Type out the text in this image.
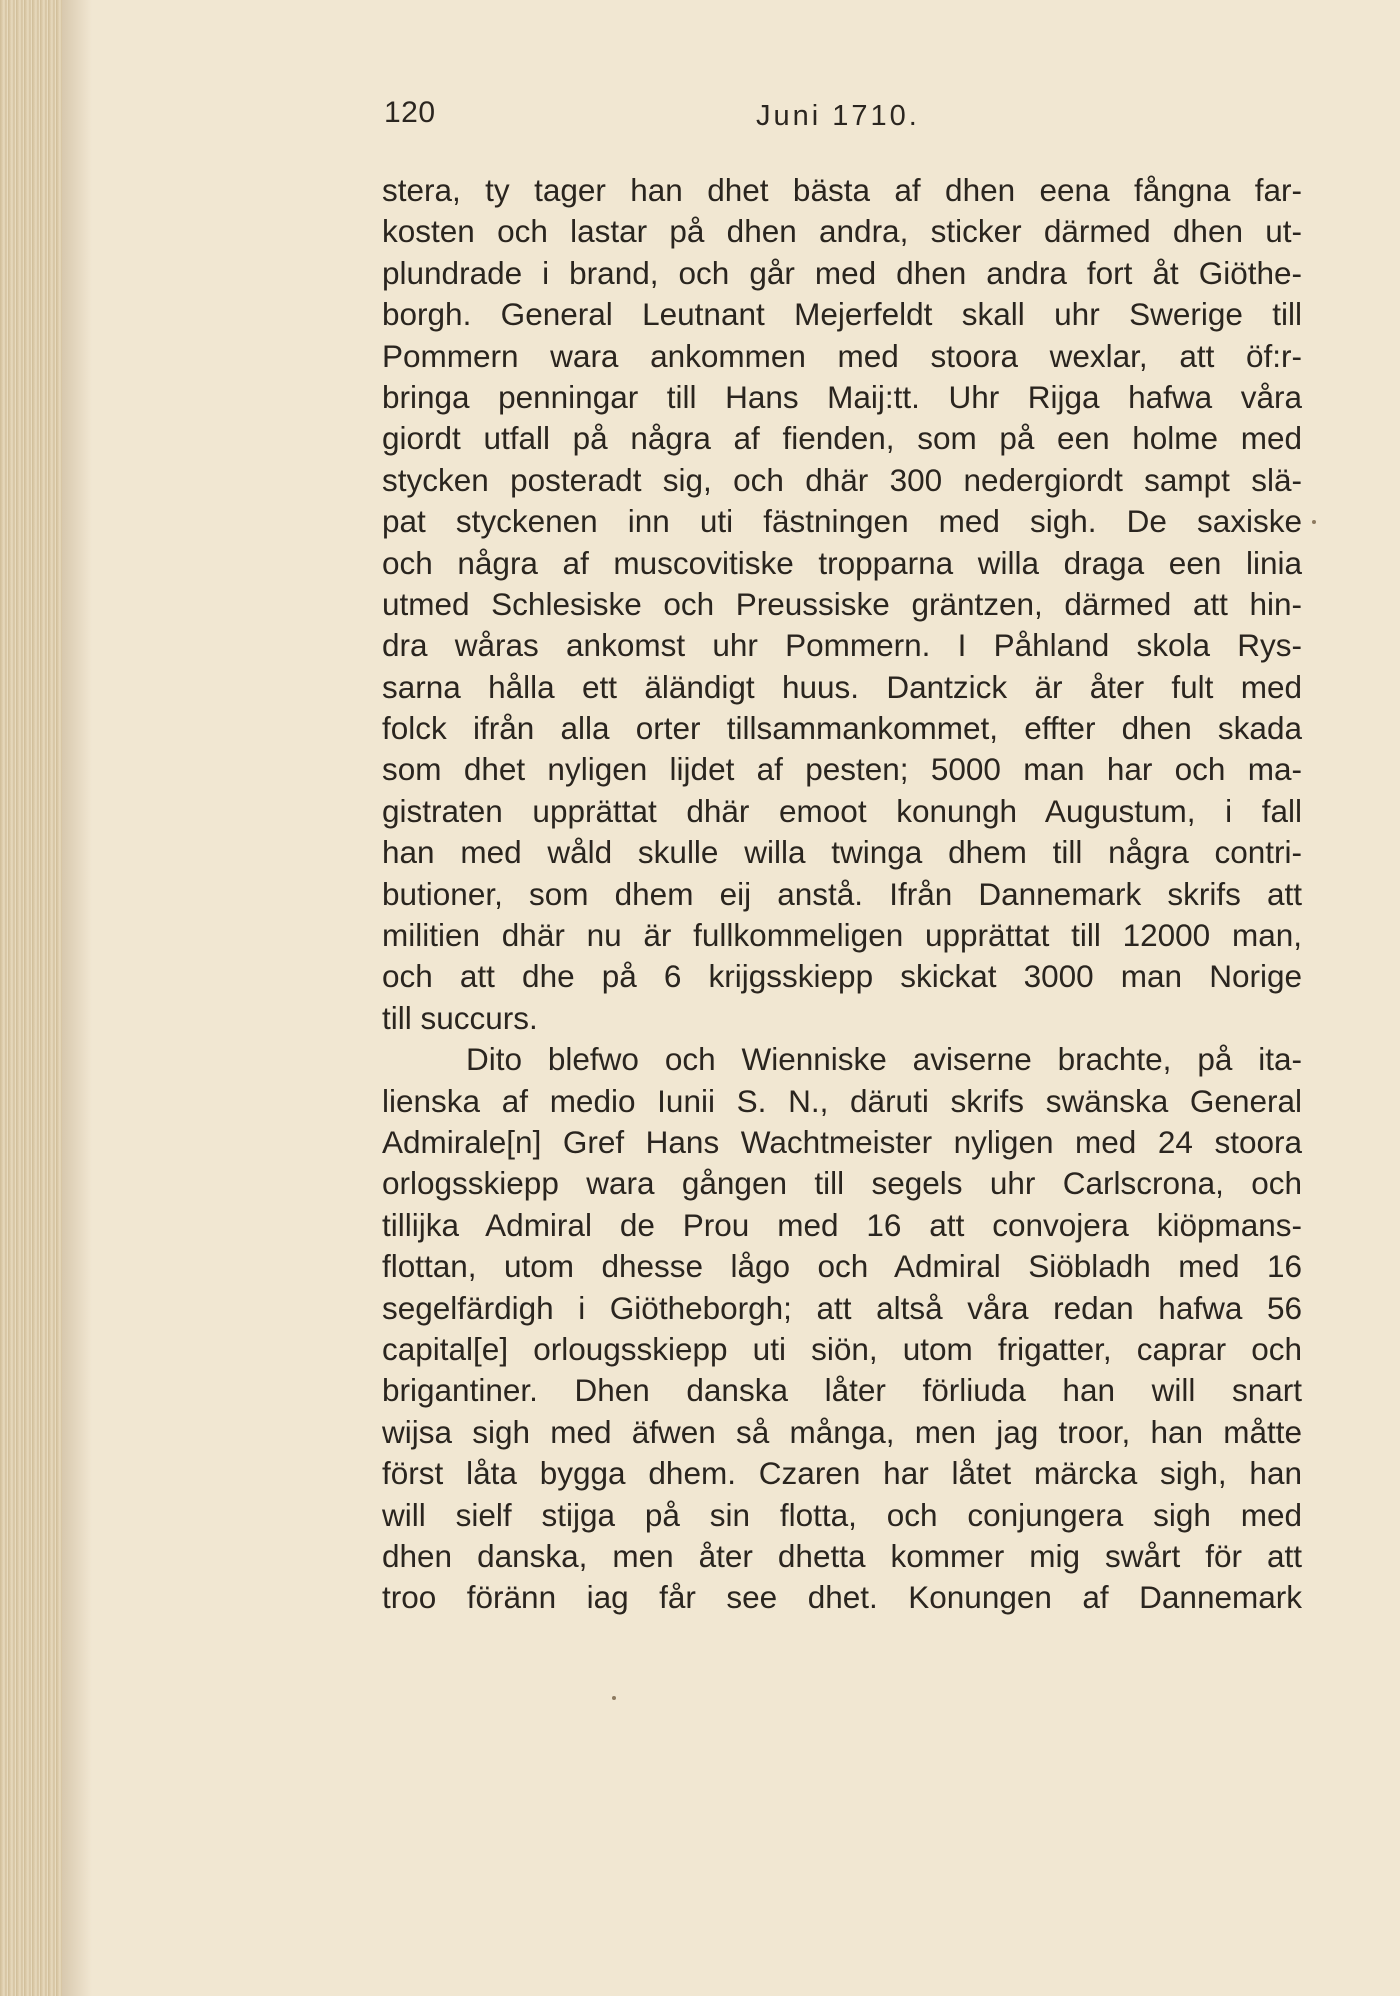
120	Juni 1710.
stera, ty tager han dhet bästa af dhen eena fångna far-
kosten och lastar på dhen andra, sticker därmed dhen ut-
plundrade i brand, och går med dhen andra fort åt Giöthe-
borgh. General Leutnant Mejerfeldt skall uhr Swerige till
Pommern wara ankommen med stoora wexlar, att öf:r-
bringa penningar till Hans Maij:tt. Uhr Rijga hafwa våra
giordt utfall på några af fienden, som på een holme med
stycken posteradt sig, och dhär 300 nedergiordt sampt slä-
pat styckenen inn uti fästningen med sigh. De saxiske
och några af muscovitiske tropparna willa draga een linia
utmed Schlesiske och Preussiske gräntzen, därmed att hin-
dra wåras ankomst uhr Pommern. I Påhland skola Rys-
sarna hålla ett äländigt huus. Dantzick är åter fult med
folck ifrån alla orter tillsammankommet, effter dhen skada
som dhet nyligen lijdet af pesten; 5000 man har och ma-
gistraten upprättat dhär emoot konungh Augustum, i fall
han med wåld skulle willa twinga dhem till några contri-
butioner, som dhem eij anstå. Ifrån Dannemark skrifs att
militien dhär nu är fullkommeligen upprättat till 12000 man,
och att dhe på 6 krijgsskiepp skickat 3000 man Norige
till succurs.
Dito blefwo och Wienniske aviserne brachte, på ita-
lienska af medio Iunii S. N., däruti skrifs swänska General
Admirale[n] Gref Hans Wachtmeister nyligen med 24 stoora
orlogsskiepp wara gången till segels uhr Carlscrona, och
tillijka Admiral de Prou med 16 att convojera kiöpmans-
flottan, utom dhesse lågo och Admiral Siöbladh med 16
segelfärdigh i Giötheborgh; att altså våra redan hafwa 56
capital[e] orlougsskiepp uti siön, utom frigatter, caprar och
brigantiner. Dhen danska låter förliuda han will snart
wijsa sigh med äfwen så många, men jag troor, han måtte
först låta bygga dhem. Czaren har låtet märcka sigh, han
will sielf stijga på sin flotta, och conjungera sigh med
dhen danska, men åter dhetta kommer mig swårt för att
troo föränn iag får see dhet. Konungen af Dannemark
